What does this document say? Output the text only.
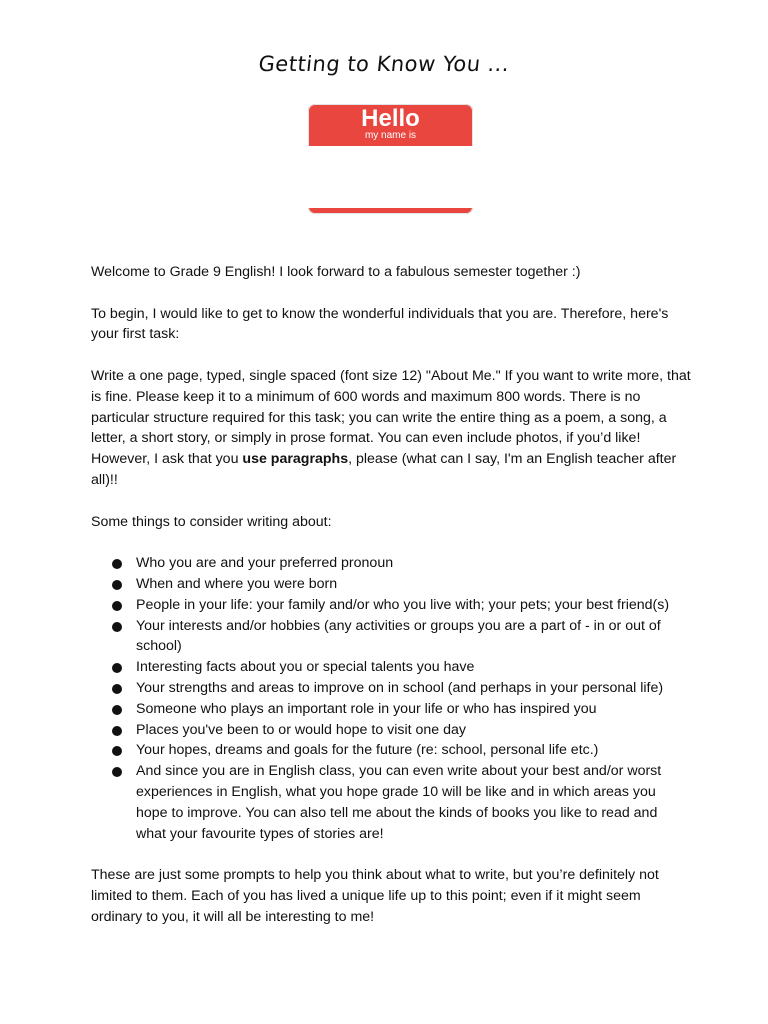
Getting to Know You ...
Hello
my name is

Welcome to Grade 9 English! I look forward to a fabulous semester together :)

To begin, I would like to get to know the wonderful individuals that you are. Therefore, here's your first task:

Write a one page, typed, single spaced (font size 12) "About Me." If you want to write more, that is fine. Please keep it to a minimum of 600 words and maximum 800 words. There is no particular structure required for this task; you can write the entire thing as a poem, a song, a letter, a short story, or simply in prose format. You can even include photos, if you’d like! However, I ask that you use paragraphs, please (what can I say, I'm an English teacher after all)!!

Some things to consider writing about:

Who you are and your preferred pronoun
When and where you were born
People in your life: your family and/or who you live with; your pets; your best friend(s)
Your interests and/or hobbies (any activities or groups you are a part of - in or out of school)
Interesting facts about you or special talents you have
Your strengths and areas to improve on in school (and perhaps in your personal life)
Someone who plays an important role in your life or who has inspired you
Places you've been to or would hope to visit one day
Your hopes, dreams and goals for the future (re: school, personal life etc.)
And since you are in English class, you can even write about your best and/or worst experiences in English, what you hope grade 10 will be like and in which areas you hope to improve. You can also tell me about the kinds of books you like to read and what your favourite types of stories are!

These are just some prompts to help you think about what to write, but you’re definitely not limited to them. Each of you has lived a unique life up to this point; even if it might seem ordinary to you, it will all be interesting to me!
